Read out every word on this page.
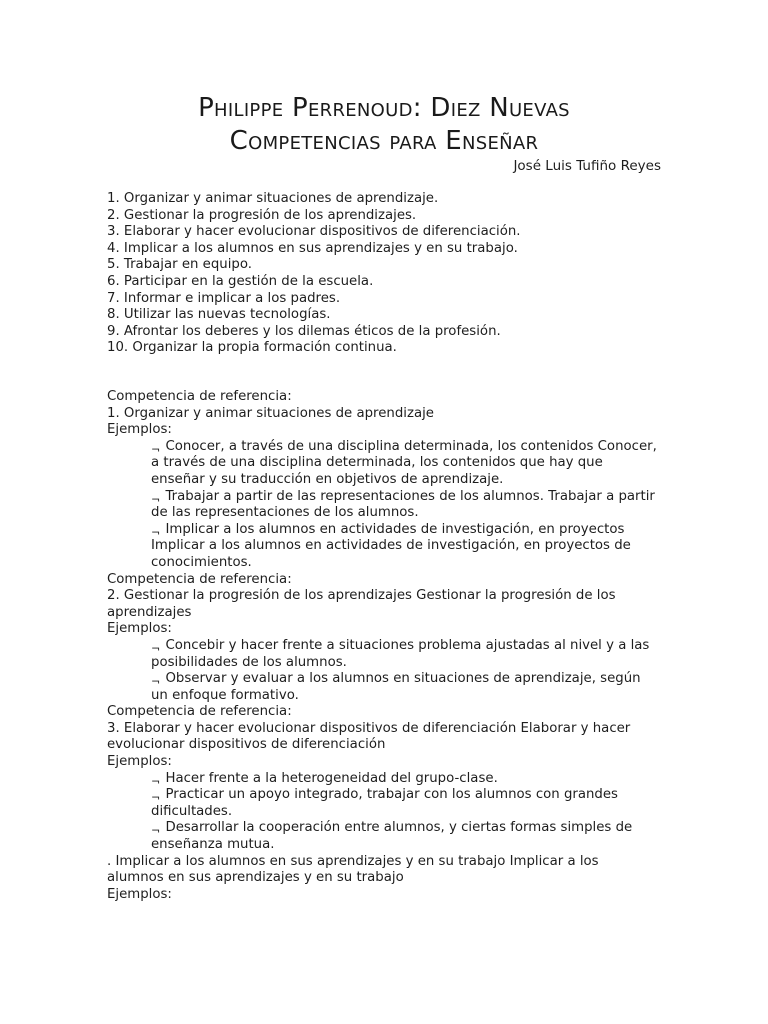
Philippe Perrenoud: Diez Nuevas
Competencias para Enseñar
José Luis Tufiño Reyes
1. Organizar y animar situaciones de aprendizaje.
2. Gestionar la progresión de los aprendizajes.
3. Elaborar y hacer evolucionar dispositivos de diferenciación.
4. Implicar a los alumnos en sus aprendizajes y en su trabajo.
5. Trabajar en equipo.
6. Participar en la gestión de la escuela.
7. Informar e implicar a los padres.
8. Utilizar las nuevas tecnologías.
9. Afrontar los deberes y los dilemas éticos de la profesión.
10. Organizar la propia formación continua.
Competencia de referencia:
1. Organizar y animar situaciones de aprendizaje
Ejemplos:
$_\neg$ Conocer, a través de una disciplina determinada, los contenidos Conocer, a través de una disciplina determinada, los contenidos que hay que enseñar y su traducción en objetivos de aprendizaje.
$_\neg$ Trabajar a partir de las representaciones de los alumnos. Trabajar a partir de las representaciones de los alumnos.
$_\neg$ Implicar a los alumnos en actividades de investigación, en proyectos Implicar a los alumnos en actividades de investigación, en proyectos de conocimientos.
Competencia de referencia:
2. Gestionar la progresión de los aprendizajes Gestionar la progresión de los aprendizajes
Ejemplos:
$_\neg$ Concebir y hacer frente a situaciones problema ajustadas al nivel y a las posibilidades de los alumnos.
$_\neg$ Observar y evaluar a los alumnos en situaciones de aprendizaje, según un enfoque formativo.
Competencia de referencia:
3. Elaborar y hacer evolucionar dispositivos de diferenciación Elaborar y hacer evolucionar dispositivos de diferenciación
Ejemplos:
$_\neg$ Hacer frente a la heterogeneidad del grupo-clase.
$_\neg$ Practicar un apoyo integrado, trabajar con los alumnos con grandes dificultades.
$_\neg$ Desarrollar la cooperación entre alumnos, y ciertas formas simples de enseñanza mutua.
. Implicar a los alumnos en sus aprendizajes y en su trabajo Implicar a los alumnos en sus aprendizajes y en su trabajo
Ejemplos:
